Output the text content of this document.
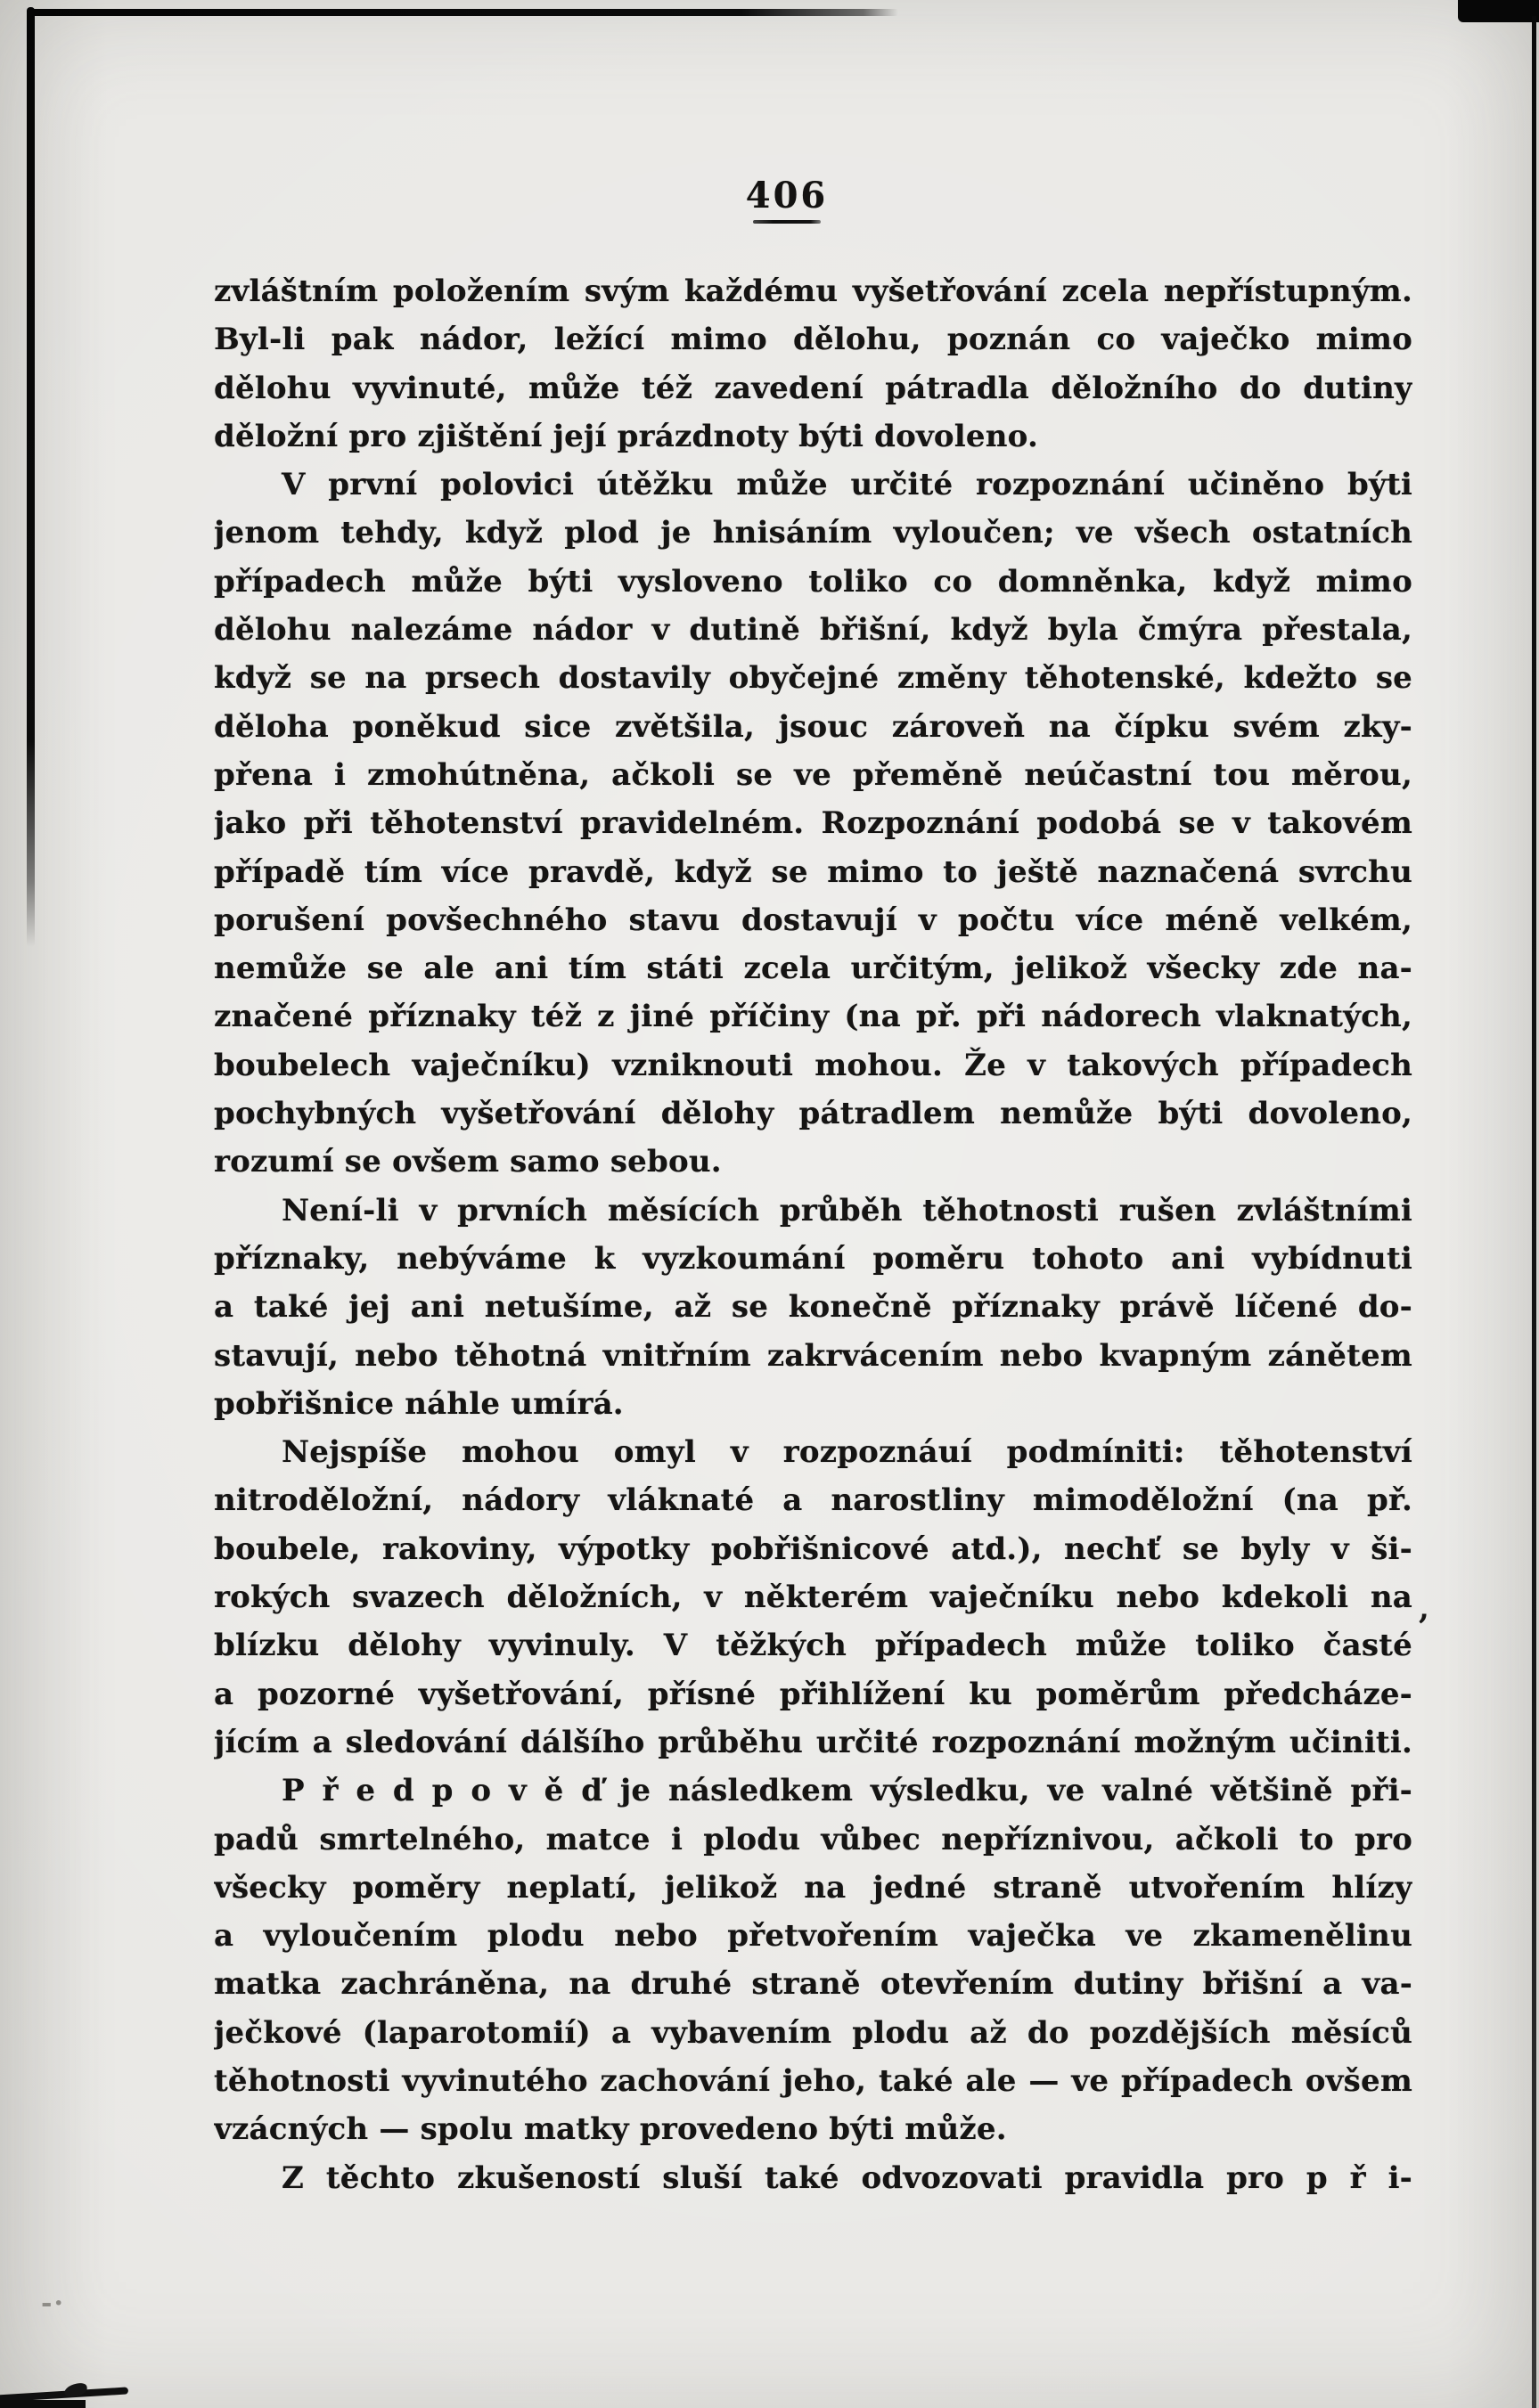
-·
406
zvláštním položením svým každému vyšetřování zcela nepřístupným.
Byl-li pak nádor, ležící mimo dělohu, poznán co vaječko mimo
dělohu vyvinuté, může též zavedení pátradla děložního do dutiny
děložní pro zjištění její prázdnoty býti dovoleno.
V první polovici útěžku může určité rozpoznání učiněno býti
jenom tehdy, když plod je hnisáním vyloučen; ve všech ostatních
případech může býti vysloveno toliko co domněnka, když mimo
dělohu nalezáme nádor v dutině břišní, když byla čmýra přestala,
když se na prsech dostavily obyčejné změny těhotenské, kdežto se
děloha poněkud sice zvětšila, jsouc zároveň na čípku svém zky-
přena i zmohútněna, ačkoli se ve přeměně neúčastní tou měrou,
jako při těhotenství pravidelném. Rozpoznání podobá se v takovém
případě tím více pravdě, když se mimo to ještě naznačená svrchu
porušení povšechného stavu dostavují v počtu více méně velkém,
nemůže se ale ani tím státi zcela určitým, jelikož všecky zde na-
značené příznaky též z jiné příčiny (na př. při nádorech vlaknatých,
boubelech vaječníku) vzniknouti mohou. Že v takových případech
pochybných vyšetřování dělohy pátradlem nemůže býti dovoleno,
rozumí se ovšem samo sebou.
Není-li v prvních měsících průběh těhotnosti rušen zvláštními
příznaky, nebýváme k vyzkoumání poměru tohoto ani vybídnuti
a také jej ani netušíme, až se konečně příznaky právě líčené do-
stavují, nebo těhotná vnitřním zakrvácením nebo kvapným zánětem
pobřišnice náhle umírá.
Nejspíše mohou omyl v rozpoznáuí podmíniti: těhotenství
nitroděložní, nádory vláknaté a narostliny mimoděložní (na př.
boubele, rakoviny, výpotky pobřišnicové atd.), nechť se byly v ši-
rokých svazech děložních, v některém vaječníku nebo kdekoli na
blízku dělohy vyvinuly. V těžkých případech může toliko časté
a pozorné vyšetřování, přísné přihlížení ku poměrům předcháze-
jícím a sledování dálšího průběhu určité rozpoznání možným učiniti.
P ř e d p o v ě ď je následkem výsledku, ve valné většině při-
padů smrtelného, matce i plodu vůbec nepříznivou, ačkoli to pro
všecky poměry neplatí, jelikož na jedné straně utvořením hlízy
a vyloučením plodu nebo přetvořením vaječka ve zkamenělinu
matka zachráněna, na druhé straně otevřením dutiny břišní a va-
ječkové (laparotomií) a vybavením plodu až do pozdějších měsíců
těhotnosti vyvinutého zachování jeho, také ale — ve případech ovšem
vzácných — spolu matky provedeno býti může.
Z těchto zkušeností sluší také odvozovati pravidla pro p ř i-
,
